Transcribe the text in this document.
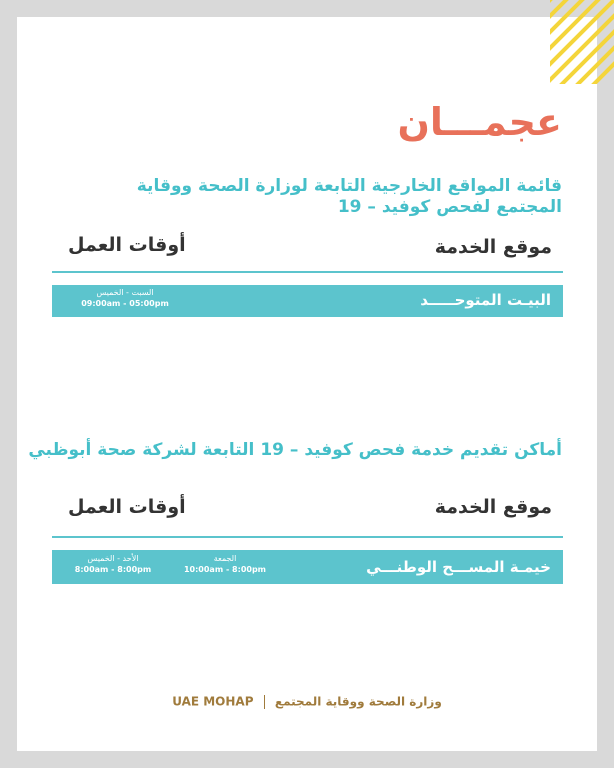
عجمـــان
قائمة المواقع الخارجية التابعة لوزارة الصحة ووقاية المجتمع لفحص كوفيد – 19
موقع الخدمة
أوقات العمل
البيـت المتوحـــــد
السبت - الخميس
09:00am - 05:00pm
أماكن تقديم خدمة فحص كوفيد – 19 التابعة لشركة صحة أبوظبي
موقع الخدمة
أوقات العمل
خيمـة المســـح الوطنـــي
الجمعة
10:00am - 8:00pm
الأحد - الخميس
8:00am - 8:00pm
UAE MOHAP وزارة الصحة ووقاية المجتمع
